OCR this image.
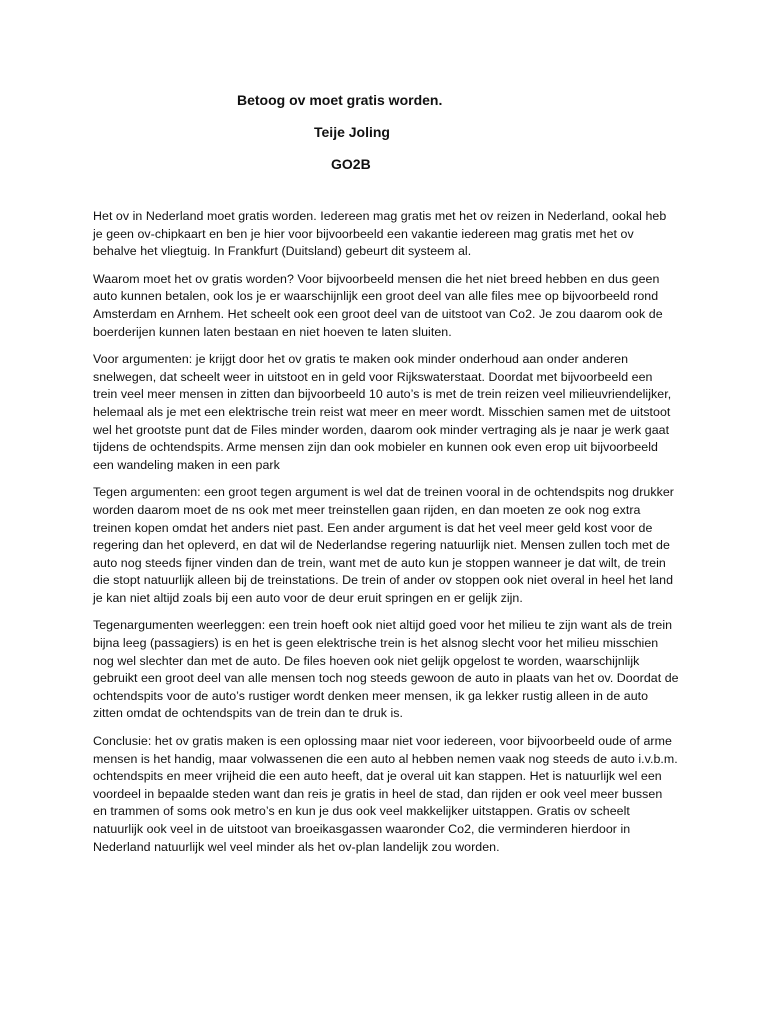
Betoog ov moet gratis worden.
Teije Joling
GO2B

Het ov in Nederland moet gratis worden. Iedereen mag gratis met het ov reizen in Nederland, ookal heb je geen ov-chipkaart en ben je hier voor bijvoorbeeld een vakantie iedereen mag gratis met het ov behalve het vliegtuig. In Frankfurt (Duitsland) gebeurt dit systeem al.

Waarom moet het ov gratis worden? Voor bijvoorbeeld mensen die het niet breed hebben en dus geen auto kunnen betalen, ook los je er waarschijnlijk een groot deel van alle files mee op bijvoorbeeld rond Amsterdam en Arnhem. Het scheelt ook een groot deel van de uitstoot van Co2. Je zou daarom ook de boerderijen kunnen laten bestaan en niet hoeven te laten sluiten.

Voor argumenten: je krijgt door het ov gratis te maken ook minder onderhoud aan onder anderen snelwegen, dat scheelt weer in uitstoot en in geld voor Rijkswaterstaat. Doordat met bijvoorbeeld een trein veel meer mensen in zitten dan bijvoorbeeld 10 auto’s is met de trein reizen veel milieuvriendelijker, helemaal als je met een elektrische trein reist wat meer en meer wordt. Misschien samen met de uitstoot wel het grootste punt dat de Files minder worden, daarom ook minder vertraging als je naar je werk gaat tijdens de ochtendspits. Arme mensen zijn dan ook mobieler en kunnen ook even erop uit bijvoorbeeld een wandeling maken in een park

Tegen argumenten: een groot tegen argument is wel dat de treinen vooral in de ochtendspits nog drukker worden daarom moet de ns ook met meer treinstellen gaan rijden, en dan moeten ze ook nog extra treinen kopen omdat het anders niet past. Een ander argument is dat het veel meer geld kost voor de regering dan het opleverd, en dat wil de Nederlandse regering natuurlijk niet. Mensen zullen toch met de auto nog steeds fijner vinden dan de trein, want met de auto kun je stoppen wanneer je dat wilt, de trein die stopt natuurlijk alleen bij de treinstations. De trein of ander ov stoppen ook niet overal in heel het land je kan niet altijd zoals bij een auto voor de deur eruit springen en er gelijk zijn.

Tegenargumenten weerleggen: een trein hoeft ook niet altijd goed voor het milieu te zijn want als de trein bijna leeg (passagiers) is en het is geen elektrische trein is het alsnog slecht voor het milieu misschien nog wel slechter dan met de auto. De files hoeven ook niet gelijk opgelost te worden, waarschijnlijk gebruikt een groot deel van alle mensen toch nog steeds gewoon de auto in plaats van het ov. Doordat de ochtendspits voor de auto’s rustiger wordt denken meer mensen, ik ga lekker rustig alleen in de auto zitten omdat de ochtendspits van de trein dan te druk is.

Conclusie: het ov gratis maken is een oplossing maar niet voor iedereen, voor bijvoorbeeld oude of arme mensen is het handig, maar volwassenen die een auto al hebben nemen vaak nog steeds de auto i.v.b.m. ochtendspits en meer vrijheid die een auto heeft, dat je overal uit kan stappen. Het is natuurlijk wel een voordeel in bepaalde steden want dan reis je gratis in heel de stad, dan rijden er ook veel meer bussen en trammen of soms ook metro’s en kun je dus ook veel makkelijker uitstappen. Gratis ov scheelt natuurlijk ook veel in de uitstoot van broeikasgassen waaronder Co2, die verminderen hierdoor in Nederland natuurlijk wel veel minder als het ov-plan landelijk zou worden.
